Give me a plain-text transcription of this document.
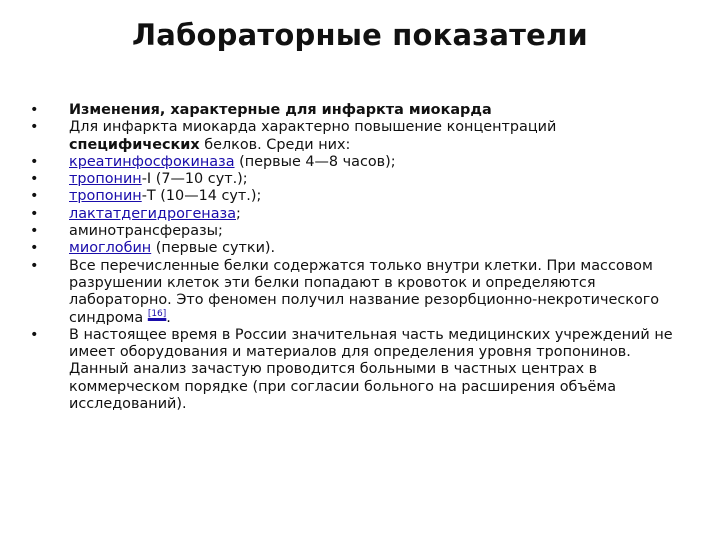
Лабораторные показатели
• Изменения, характерные для инфаркта миокарда
• Для инфаркта миокарда характерно повышение концентраций специфических белков. Среди них:
• креатинфосфокиназа (первые 4—8 часов);
• тропонин-I (7—10 сут.);
• тропонин-T (10—14 сут.);
• лактатдегидрогеназа;
• аминотрансферазы;
• миоглобин (первые сутки).
• Все перечисленные белки содержатся только внутри клетки. При массовом разрушении клеток эти белки попадают в кровоток и определяются лабораторно. Это феномен получил название резорбционно-некротического синдрома [16].
• В настоящее время в России значительная часть медицинских учреждений не имеет оборудования и материалов для определения уровня тропонинов. Данный анализ зачастую проводится больными в частных центрах в коммерческом порядке (при согласии больного на расширения объёма исследований).
